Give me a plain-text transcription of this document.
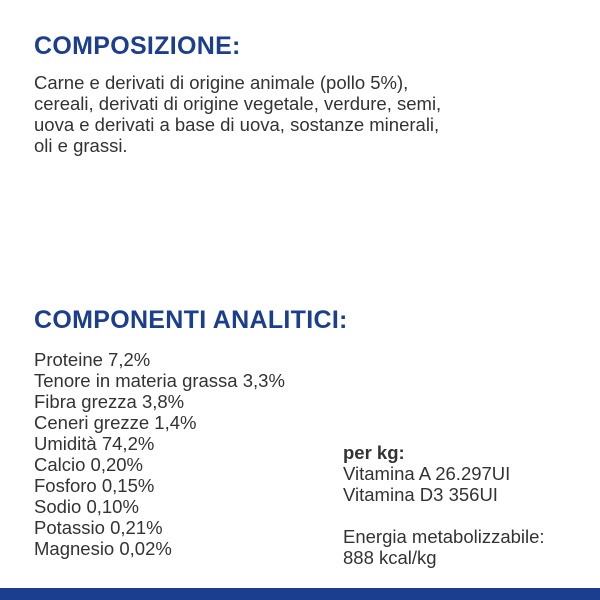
COMPOSIZIONE:

Carne e derivati di origine animale (pollo 5%),
cereali, derivati di origine vegetale, verdure, semi,
uova e derivati a base di uova, sostanze minerali,
oli e grassi.

COMPONENTI ANALITICI:
Proteine 7,2%
Tenore in materia grassa 3,3%
Fibra grezza 3,8%
Ceneri grezze 1,4%
Umidità 74,2%
Calcio 0,20%
Fosforo 0,15%
Sodio 0,10%
Potassio 0,21%
Magnesio 0,02%
per kg:
Vitamina A 26.297UI
Vitamina D3 356UI
Energia metabolizzabile:
888 kcal/kg
